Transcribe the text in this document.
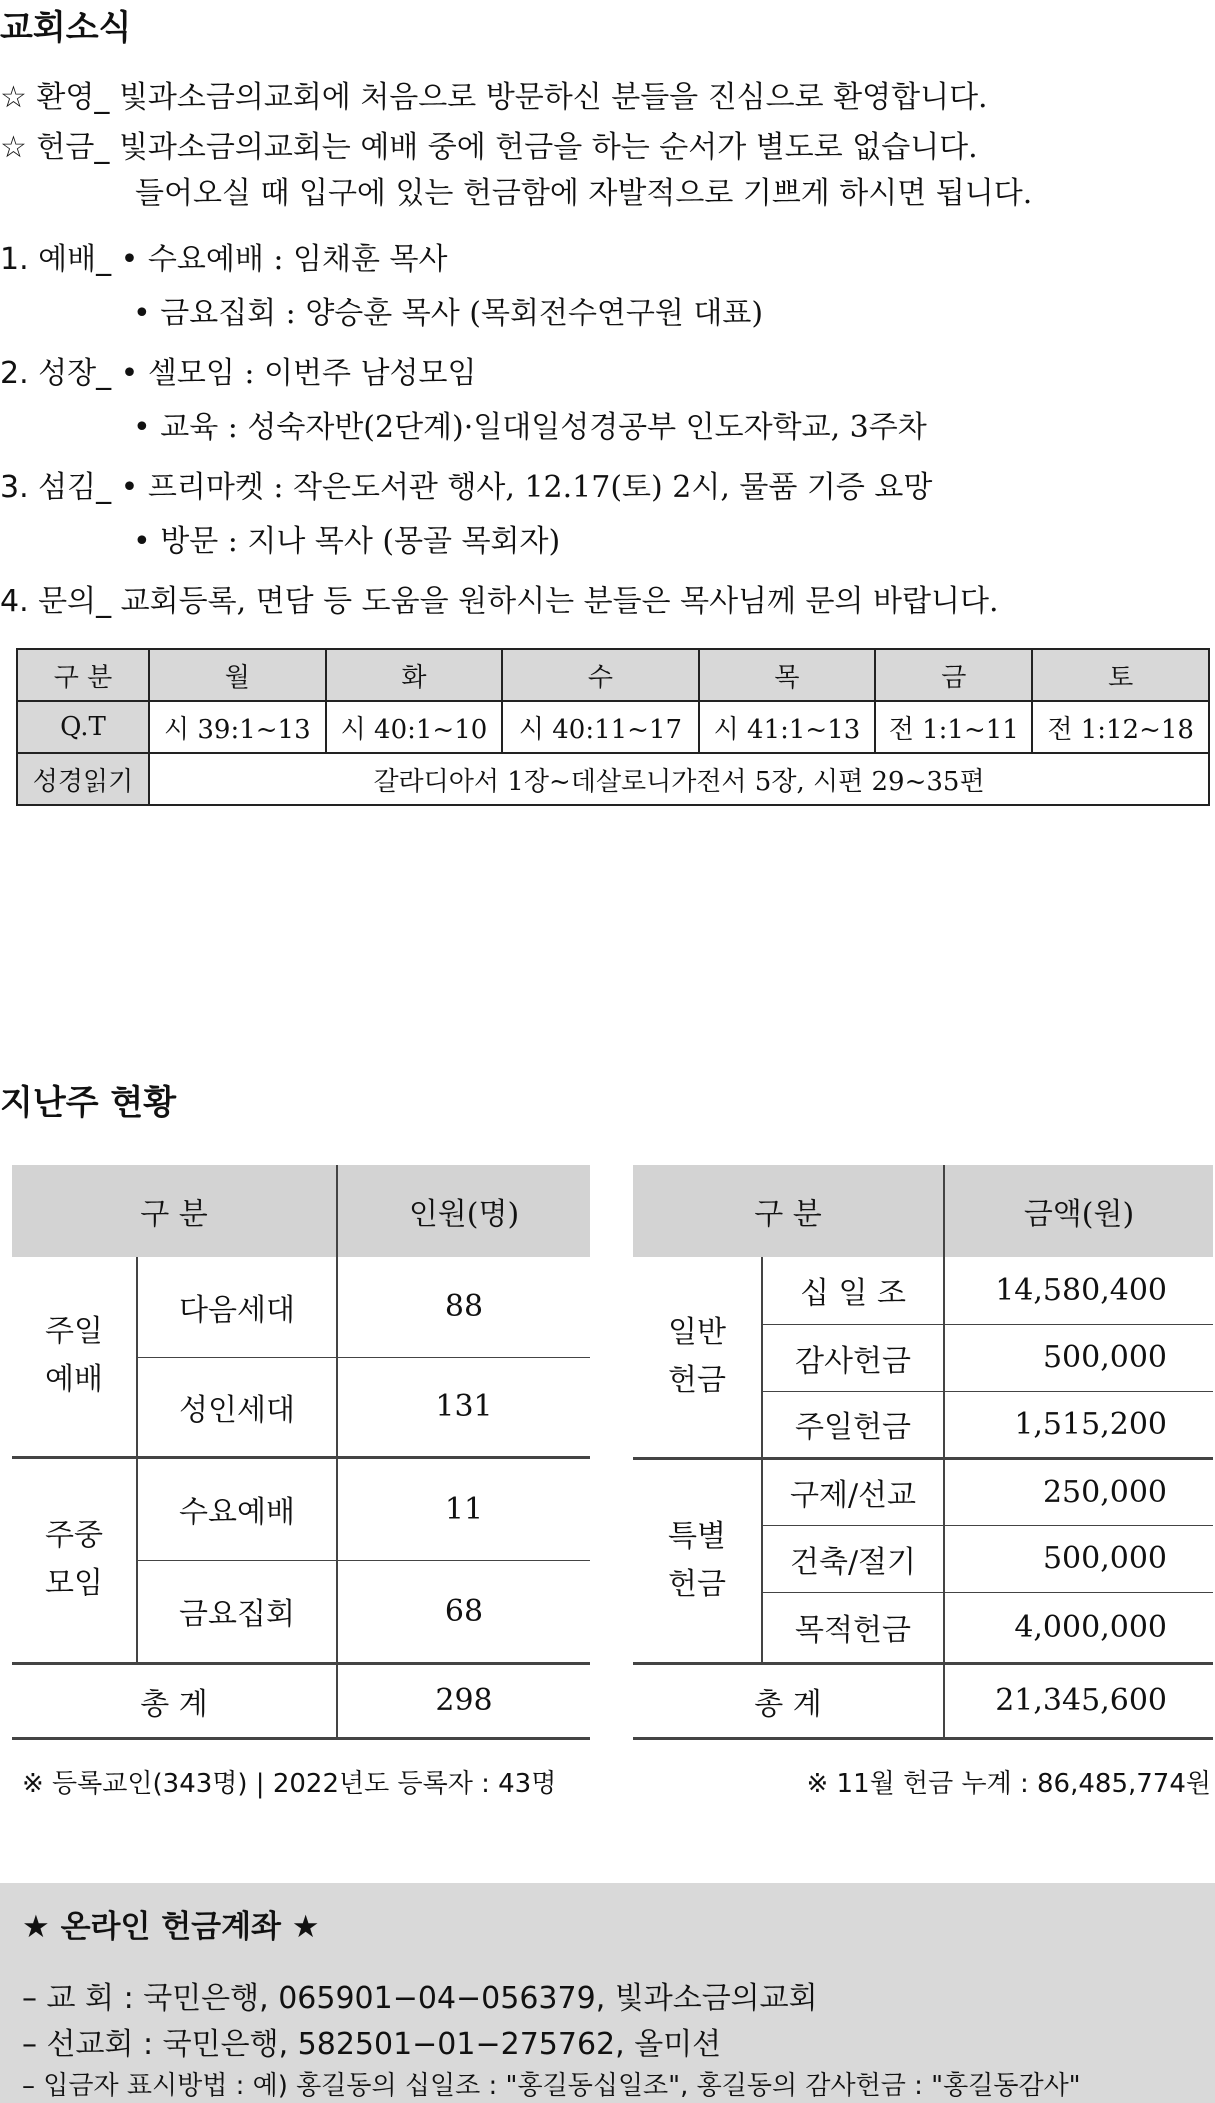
교회소식
☆ 환영_ 빛과소금의교회에 처음으로 방문하신 분들을 진심으로 환영합니다.
☆ 헌금_ 빛과소금의교회는 예배 중에 헌금을 하는 순서가 별도로 없습니다.
들어오실 때 입구에 있는 헌금함에 자발적으로 기쁘게 하시면 됩니다.
1. 예배_ • 수요예배 : 임채훈 목사
• 금요집회 : 양승훈 목사 (목회전수연구원 대표)
2. 성장_ • 셀모임 : 이번주 남성모임
• 교육 : 성숙자반(2단계)·일대일성경공부 인도자학교, 3주차
3. 섬김_ • 프리마켓 : 작은도서관 행사, 12.17(토) 2시, 물품 기증 요망
• 방문 : 지나 목사 (몽골 목회자)
4. 문의_ 교회등록, 면담 등 도움을 원하시는 분들은 목사님께 문의 바랍니다.
구 분	월	화	수	목	금	토
Q.T	시 39:1~13	시 40:1~10	시 40:11~17	시 41:1~13	전 1:1~11	전 1:12~18
성경읽기	갈라디아서 1장~데살로니가전서 5장, 시편 29~35편					
지난주 현황
구 분		인원(명)
주일
예배	다음세대	88
	성인세대	131
주중
모임	수요예배	11
	금요집회	68
총 계		298
구 분		금액(원)
일반
헌금	십 일 조	14,580,400
	감사헌금	500,000
	주일헌금	1,515,200
특별
헌금	구제/선교	250,000
	건축/절기	500,000
	목적헌금	4,000,000
총 계		21,345,600
※ 등록교인(343명) | 2022년도 등록자 : 43명	※ 11월 헌금 누계 : 86,485,774원
★ 온라인 헌금계좌 ★
– 교 회 : 국민은행, 065901−04−056379, 빛과소금의교회
– 선교회 : 국민은행, 582501−01−275762, 올미션
– 입금자 표시방법 : 예) 홍길동의 십일조 : "홍길동십일조", 홍길동의 감사헌금 : "홍길동감사"
